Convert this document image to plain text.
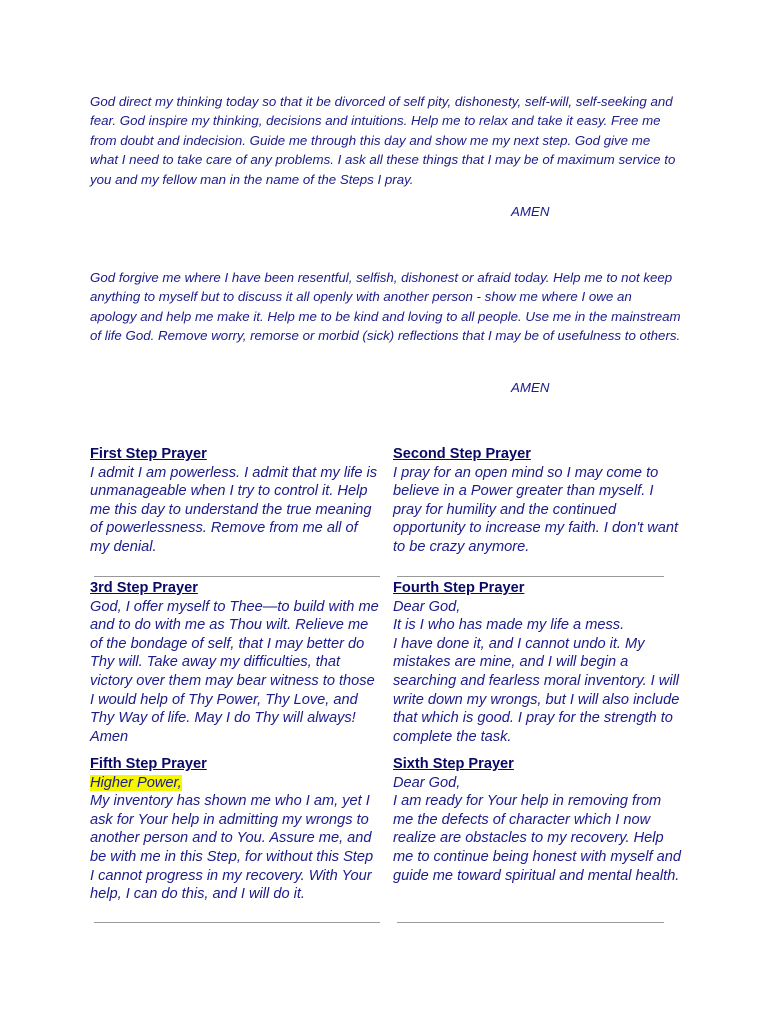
God direct my thinking today so that it be divorced of self pity, dishonesty, self-will, self-seeking and fear. God inspire my thinking, decisions and intuitions. Help me to relax and take it easy. Free me from doubt and indecision. Guide me through this day and show me my next step. God give me what I need to take care of any problems. I ask all these things that I may be of maximum service to you and my fellow man in the name of the Steps I pray.

AMEN

God forgive me where I have been resentful, selfish, dishonest or afraid today. Help me to not keep anything to myself but to discuss it all openly with another person - show me where I owe an apology and help me make it. Help me to be kind and loving to all people. Use me in the mainstream of life God. Remove worry, remorse or morbid (sick) reflections that I may be of usefulness to others.

AMEN
First Step Prayer

I admit I am powerless. I admit that my life is unmanageable when I try to control it. Help me this day to understand the true meaning of powerlessness. Remove from me all of my denial.

Second Step Prayer

I pray for an open mind so I may come to believe in a Power greater than myself. I pray for humility and the continued opportunity to increase my faith. I don't want to be crazy anymore.

3rd Step Prayer

God, I offer myself to Thee—to build with me and to do with me as Thou wilt. Relieve me of the bondage of self, that I may better do Thy will. Take away my difficulties, that victory over them may bear witness to those I would help of Thy Power, Thy Love, and Thy Way of life. May I do Thy will always! Amen

Fourth Step Prayer
Dear God,
It is I who has made my life a mess.

I have done it, and I cannot undo it. My mistakes are mine, and I will begin a searching and fearless moral inventory. I will write down my wrongs, but I will also include that which is good. I pray for the strength to complete the task.

Fifth Step Prayer
Higher Power,

My inventory has shown me who I am, yet I ask for Your help in admitting my wrongs to another person and to You. Assure me, and be with me in this Step, for without this Step I cannot progress in my recovery. With Your help, I can do this, and I will do it.

Sixth Step Prayer
Dear God,

I am ready for Your help in removing from me the defects of character which I now realize are obstacles to my recovery. Help me to continue being honest with myself and guide me toward spiritual and mental health.
